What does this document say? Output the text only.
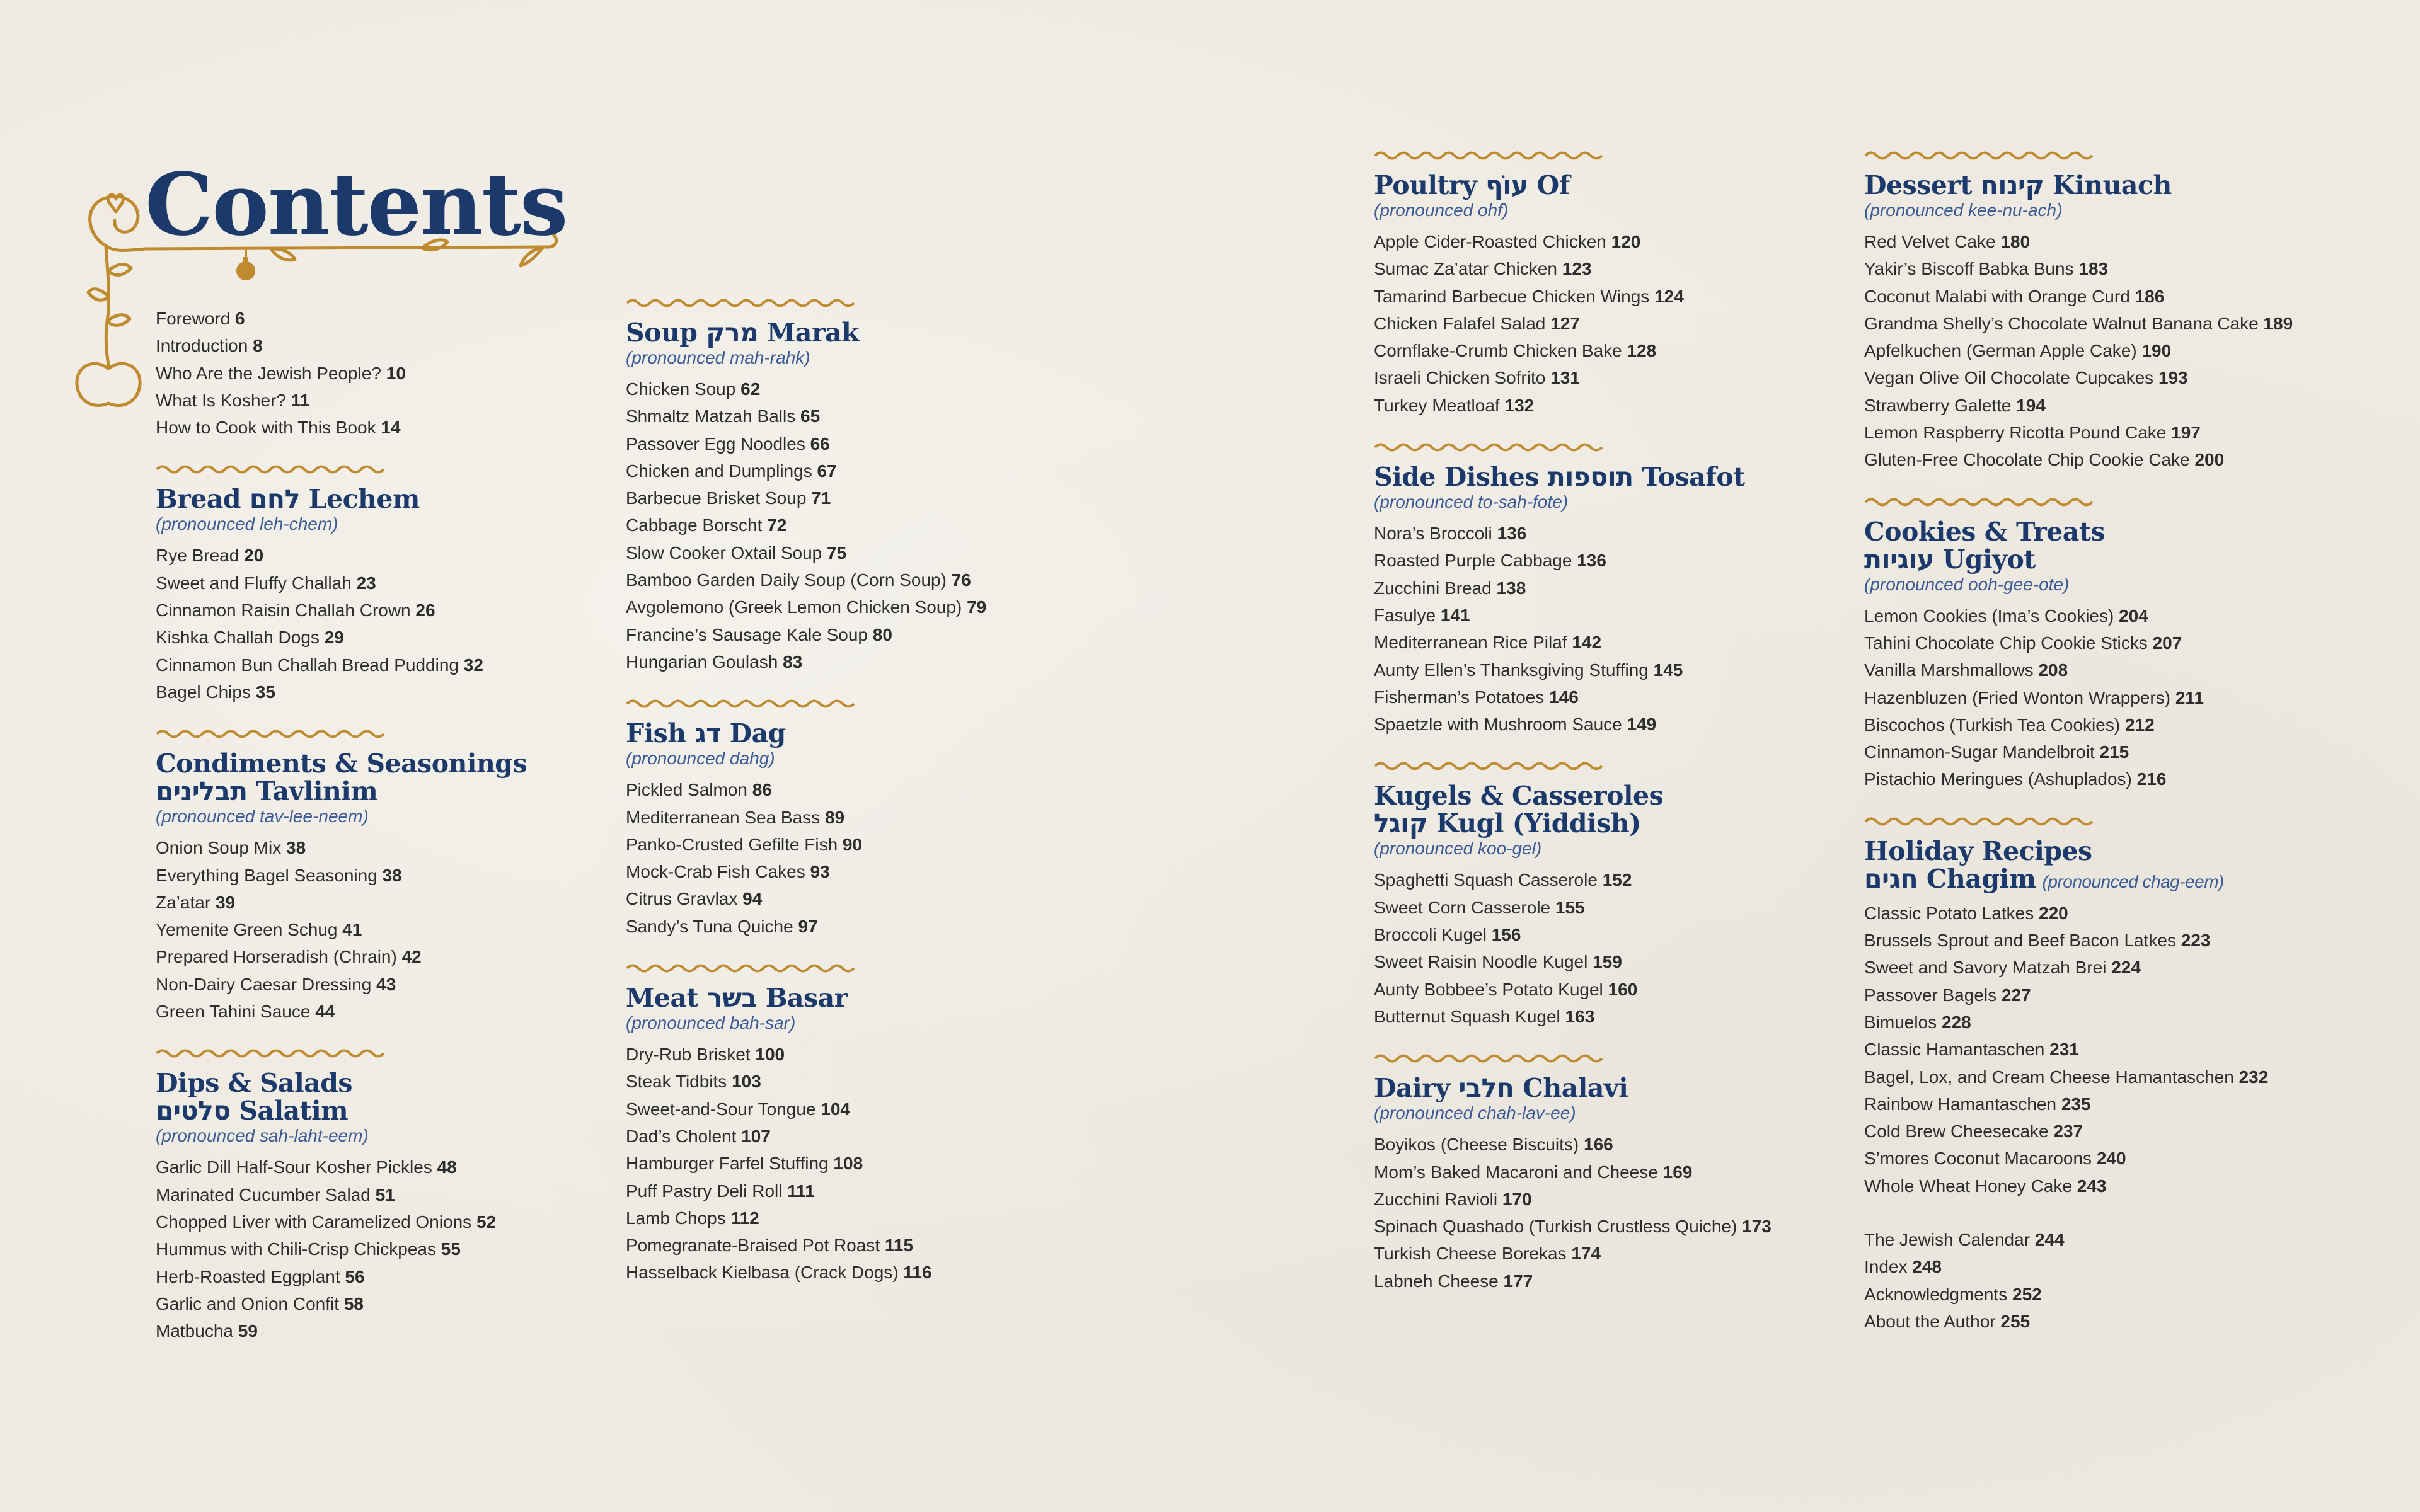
Contents
Foreword 6
Introduction 8
Who Are the Jewish People? 10
What Is Kosher? 11
How to Cook with This Book 14
Bread לחם Lechem
(pronounced leh-chem)
Rye Bread 20
Sweet and Fluffy Challah 23
Cinnamon Raisin Challah Crown 26
Kishka Challah Dogs 29
Cinnamon Bun Challah Bread Pudding 32
Bagel Chips 35
Condiments & Seasonings
תבלינים Tavlinim
(pronounced tav-lee-neem)
Onion Soup Mix 38
Everything Bagel Seasoning 38
Za’atar 39
Yemenite Green Schug 41
Prepared Horseradish (Chrain) 42
Non-Dairy Caesar Dressing 43
Green Tahini Sauce 44
Dips & Salads
סלטים Salatim
(pronounced sah-laht-eem)
Garlic Dill Half-Sour Kosher Pickles 48
Marinated Cucumber Salad 51
Chopped Liver with Caramelized Onions 52
Hummus with Chili-Crisp Chickpeas 55
Herb-Roasted Eggplant 56
Garlic and Onion Confit 58
Matbucha 59
Soup מרק Marak
(pronounced mah-rahk)
Chicken Soup 62
Shmaltz Matzah Balls 65
Passover Egg Noodles 66
Chicken and Dumplings 67
Barbecue Brisket Soup 71
Cabbage Borscht 72
Slow Cooker Oxtail Soup 75
Bamboo Garden Daily Soup (Corn Soup) 76
Avgolemono (Greek Lemon Chicken Soup) 79
Francine’s Sausage Kale Soup 80
Hungarian Goulash 83
Fish דג Dag
(pronounced dahg)
Pickled Salmon 86
Mediterranean Sea Bass 89
Panko-Crusted Gefilte Fish 90
Mock-Crab Fish Cakes 93
Citrus Gravlax 94
Sandy’s Tuna Quiche 97
Meat בשר Basar
(pronounced bah-sar)
Dry-Rub Brisket 100
Steak Tidbits 103
Sweet-and-Sour Tongue 104
Dad’s Cholent 107
Hamburger Farfel Stuffing 108
Puff Pastry Deli Roll 111
Lamb Chops 112
Pomegranate-Braised Pot Roast 115
Hasselback Kielbasa (Crack Dogs) 116
Poultry עוֹף Of
(pronounced ohf)
Apple Cider-Roasted Chicken 120
Sumac Za’atar Chicken 123
Tamarind Barbecue Chicken Wings 124
Chicken Falafel Salad 127
Cornflake-Crumb Chicken Bake 128
Israeli Chicken Sofrito 131
Turkey Meatloaf 132
Side Dishes תוספות Tosafot
(pronounced to-sah-fote)
Nora’s Broccoli 136
Roasted Purple Cabbage 136
Zucchini Bread 138
Fasulye 141
Mediterranean Rice Pilaf 142
Aunty Ellen’s Thanksgiving Stuffing 145
Fisherman’s Potatoes 146
Spaetzle with Mushroom Sauce 149
Kugels & Casseroles
קוגל Kugl (Yiddish)
(pronounced koo-gel)
Spaghetti Squash Casserole 152
Sweet Corn Casserole 155
Broccoli Kugel 156
Sweet Raisin Noodle Kugel 159
Aunty Bobbee’s Potato Kugel 160
Butternut Squash Kugel 163
Dairy חלבי Chalavi
(pronounced chah-lav-ee)
Boyikos (Cheese Biscuits) 166
Mom’s Baked Macaroni and Cheese 169
Zucchini Ravioli 170
Spinach Quashado (Turkish Crustless Quiche) 173
Turkish Cheese Borekas 174
Labneh Cheese 177
Dessert קינוח Kinuach
(pronounced kee-nu-ach)
Red Velvet Cake 180
Yakir’s Biscoff Babka Buns 183
Coconut Malabi with Orange Curd 186
Grandma Shelly’s Chocolate Walnut Banana Cake 189
Apfelkuchen (German Apple Cake) 190
Vegan Olive Oil Chocolate Cupcakes 193
Strawberry Galette 194
Lemon Raspberry Ricotta Pound Cake 197
Gluten-Free Chocolate Chip Cookie Cake 200
Cookies & Treats
עוגיות Ugiyot
(pronounced ooh-gee-ote)
Lemon Cookies (Ima’s Cookies) 204
Tahini Chocolate Chip Cookie Sticks 207
Vanilla Marshmallows 208
Hazenbluzen (Fried Wonton Wrappers) 211
Biscochos (Turkish Tea Cookies) 212
Cinnamon-Sugar Mandelbroit 215
Pistachio Meringues (Ashuplados) 216
Holiday Recipes
חגים Chagim (pronounced chag-eem)
Classic Potato Latkes 220
Brussels Sprout and Beef Bacon Latkes 223
Sweet and Savory Matzah Brei 224
Passover Bagels 227
Bimuelos 228
Classic Hamantaschen 231
Bagel, Lox, and Cream Cheese Hamantaschen 232
Rainbow Hamantaschen 235
Cold Brew Cheesecake 237
S’mores Coconut Macaroons 240
Whole Wheat Honey Cake 243
The Jewish Calendar 244
Index 248
Acknowledgments 252
About the Author 255
